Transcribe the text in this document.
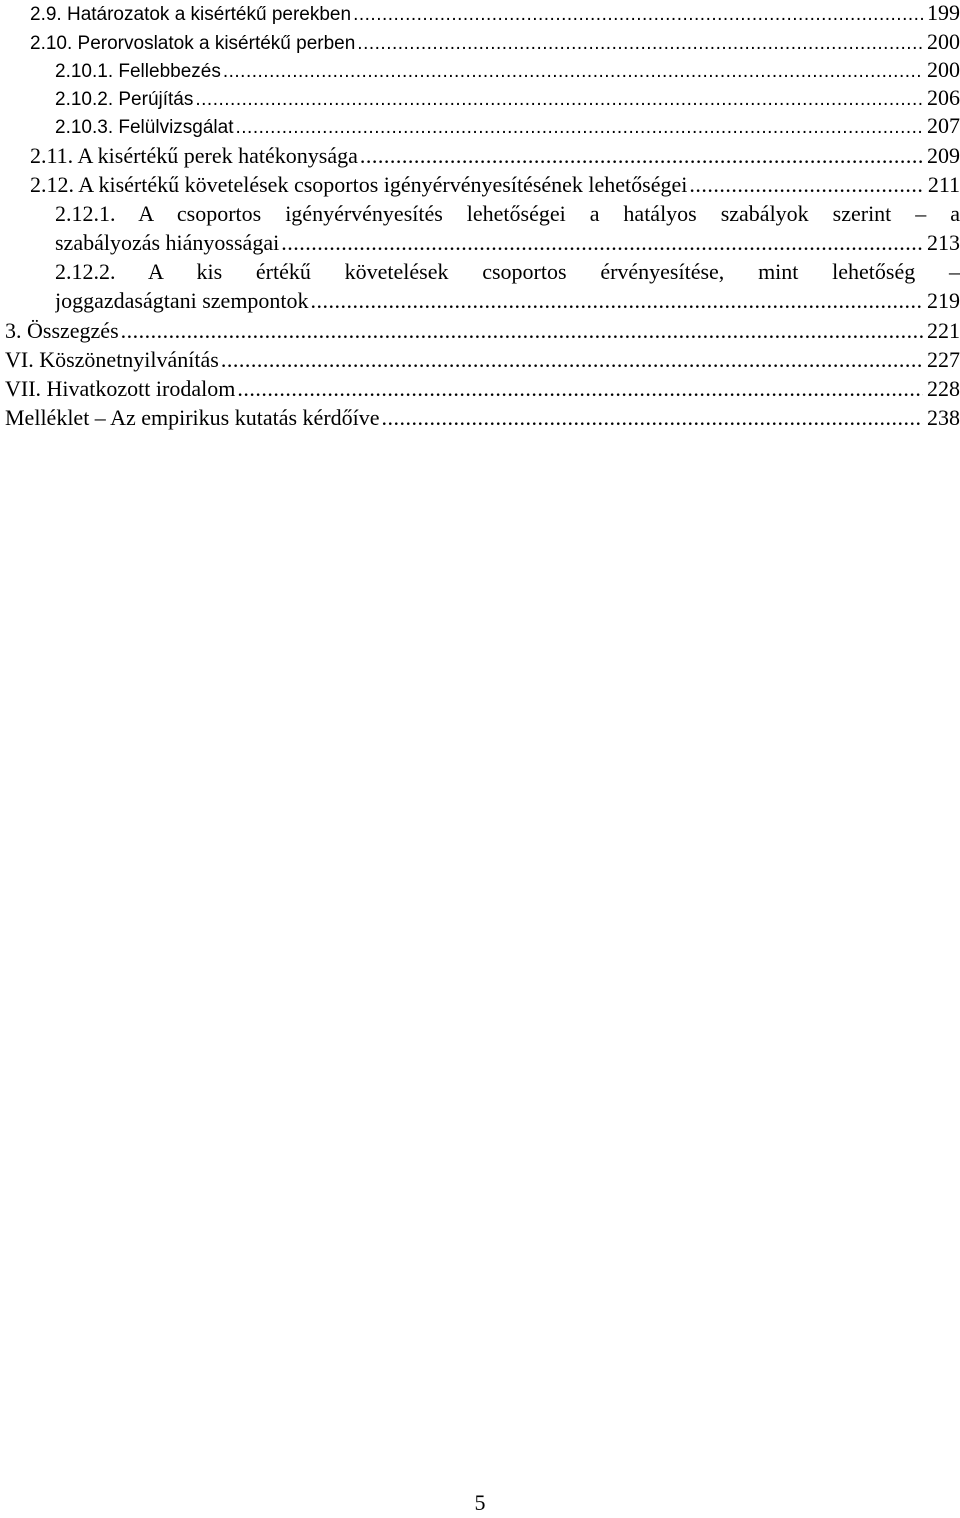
2.9. Határozatok a kisértékű perekben .....	199
2.10. Perorvoslatok a kisértékű perben .....	200
2.10.1. Fellebbezés .....	200
2.10.2. Perújítás .....	206
2.10.3. Felülvizsgálat .....	207
2.11. A kisértékű perek hatékonysága .....	209
2.12. A kisértékű követelések csoportos igényérvényesítésének lehetőségei .....	211
2.12.1. A csoportos igényérvényesítés lehetőségei a hatályos szabályok szerint – a
szabályozás hiányosságai .....	213
2.12.2. A kis értékű követelések csoportos érvényesítése, mint lehetőség –
joggazdaságtani szempontok .....	219
3. Összegzés .....	221
VI. Köszönetnyilvánítás .....	227
VII. Hivatkozott irodalom .....	228
Melléklet – Az empirikus kutatás kérdőíve .....	238
5
